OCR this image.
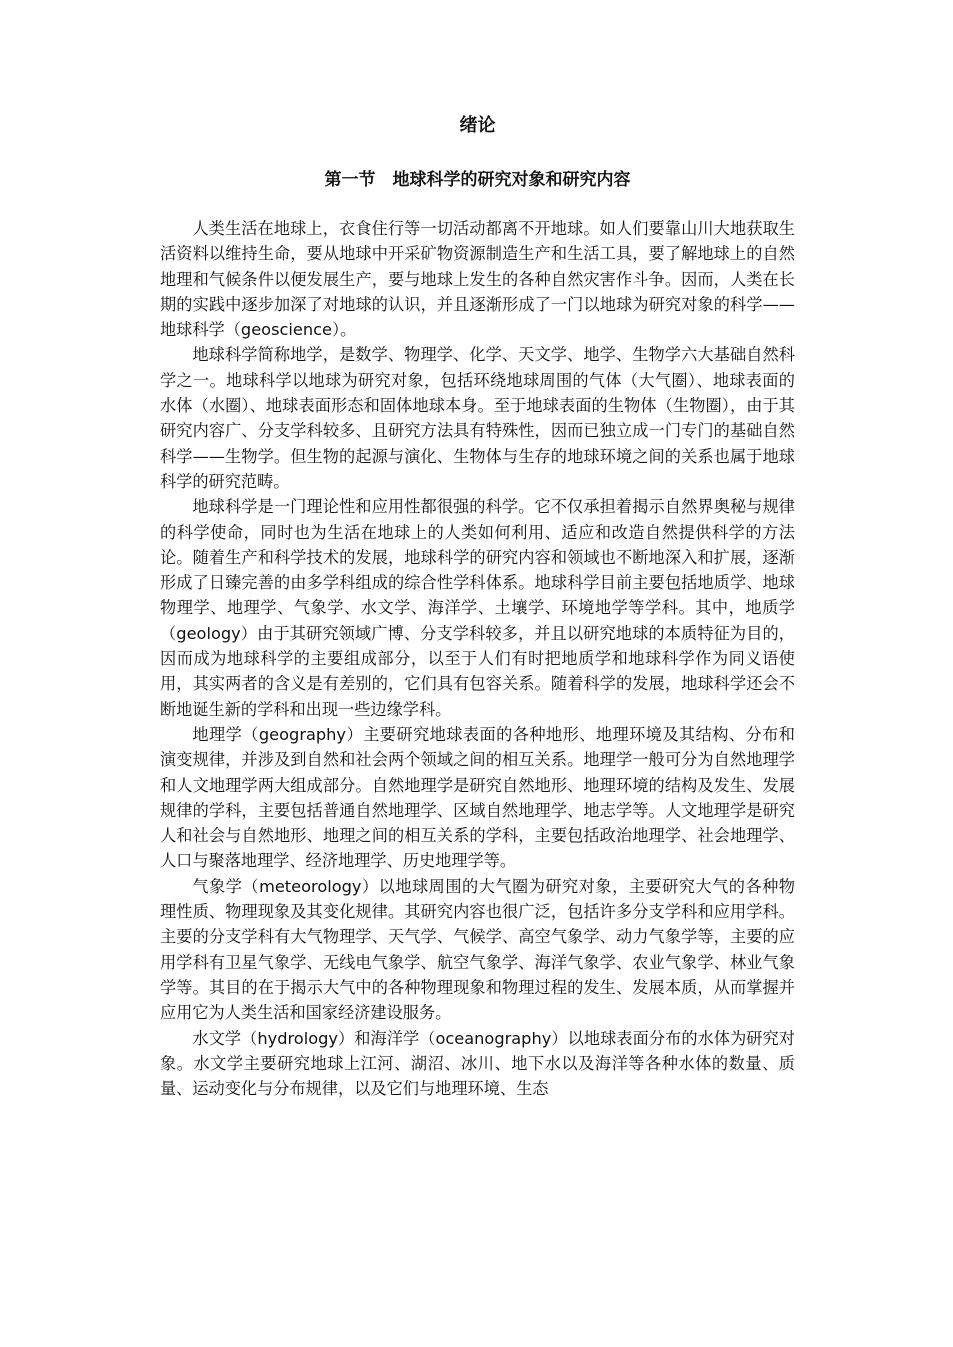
绪论
第一节　地球科学的研究对象和研究内容

人类生活在地球上，衣食住行等一切活动都离不开地球。如人们要靠山川大地获取生活资料以维持生命，要从地球中开采矿物资源制造生产和生活工具，要了解地球上的自然地理和气候条件以便发展生产，要与地球上发生的各种自然灾害作斗争。因而，人类在长期的实践中逐步加深了对地球的认识，并且逐渐形成了一门以地球为研究对象的科学——地球科学（geoscience）。

地球科学简称地学，是数学、物理学、化学、天文学、地学、生物学六大基础自然科学之一。地球科学以地球为研究对象，包括环绕地球周围的气体（大气圈）、地球表面的水体（水圈）、地球表面形态和固体地球本身。至于地球表面的生物体（生物圈），由于其研究内容广、分支学科较多、且研究方法具有特殊性，因而已独立成一门专门的基础自然科学——生物学。但生物的起源与演化、生物体与生存的地球环境之间的关系也属于地球科学的研究范畴。

地球科学是一门理论性和应用性都很强的科学。它不仅承担着揭示自然界奥秘与规律的科学使命，同时也为生活在地球上的人类如何利用、适应和改造自然提供科学的方法论。随着生产和科学技术的发展，地球科学的研究内容和领域也不断地深入和扩展，逐渐形成了日臻完善的由多学科组成的综合性学科体系。地球科学目前主要包括地质学、地球物理学、地理学、气象学、水文学、海洋学、土壤学、环境地学等学科。其中，地质学（geology）由于其研究领域广博、分支学科较多，并且以研究地球的本质特征为目的，因而成为地球科学的主要组成部分，以至于人们有时把地质学和地球科学作为同义语使用，其实两者的含义是有差别的，它们具有包容关系。随着科学的发展，地球科学还会不断地诞生新的学科和出现一些边缘学科。

地理学（geography）主要研究地球表面的各种地形、地理环境及其结构、分布和演变规律，并涉及到自然和社会两个领域之间的相互关系。地理学一般可分为自然地理学和人文地理学两大组成部分。自然地理学是研究自然地形、地理环境的结构及发生、发展规律的学科，主要包括普通自然地理学、区域自然地理学、地志学等。人文地理学是研究人和社会与自然地形、地理之间的相互关系的学科，主要包括政治地理学、社会地理学、人口与聚落地理学、经济地理学、历史地理学等。

气象学（meteorology）以地球周围的大气圈为研究对象，主要研究大气的各种物理性质、物理现象及其变化规律。其研究内容也很广泛，包括许多分支学科和应用学科。主要的分支学科有大气物理学、天气学、气候学、高空气象学、动力气象学等，主要的应用学科有卫星气象学、无线电气象学、航空气象学、海洋气象学、农业气象学、林业气象学等。其目的在于揭示大气中的各种物理现象和物理过程的发生、发展本质，从而掌握并应用它为人类生活和国家经济建设服务。

水文学（hydrology）和海洋学（oceanography）以地球表面分布的水体为研究对象。水文学主要研究地球上江河、湖沼、冰川、地下水以及海洋等各种水体的数量、质量、运动变化与分布规律，以及它们与地理环境、生态
